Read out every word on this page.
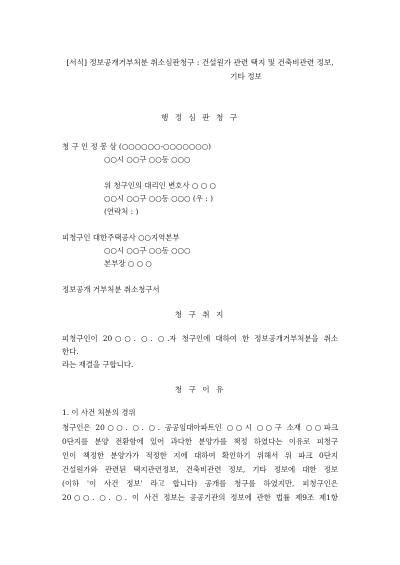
[서식] 정보공개거부처분 취소심판청구 : 건설원가 관련 택지 및 건축비관련 정보,

기타 정보

행 정 심 판 청 구

청 구 인 정 봉 삼 (○○○○○○-○○○○○○○)

○○시 ○○구 ○○동 ○○○

위 청구인의 대리인 변호사 ○ ○ ○

○○시 ○○구 ○○동 ○○○ (우 : )

(연락처 : )

피청구인 대한주택공사 ○○지역본부

○○시 ○○구 ○○동 ○○○

본부장 ○ ○ ○

정보공개 거부처분 취소청구서

청 구 취 지

피청구인이 20○○. ○. ○.자 청구인에 대하여 한 정보공개거부처분을 취소

한다.

라는 재결을 구합니다.

청 구 이 유

1. 이 사건 처분의 경위

청구인은 20○○. ○. ○. 공공임대아파트인 ○○시 ○○구 소재 ○○파크

0단지를 분양 전환함에 있어 과다한 분양가를 책정 하였다는 이유로 피청구

인이 책정한 분양가가 적정한 지에 대하여 확인하기 위해서 위 파크 0단지

건설원가와 관련된 택지관련정보, 건축비관련 정보, 기타 정보에 대한 정보

(이하 '이 사건 정보' 라고 합니다) 공개를 청구를 하였지만, 피청구인은

20○○. ○. ○. 이 사건 정보는 공공기관의 정보에 관한 법률 제9조 제1항
